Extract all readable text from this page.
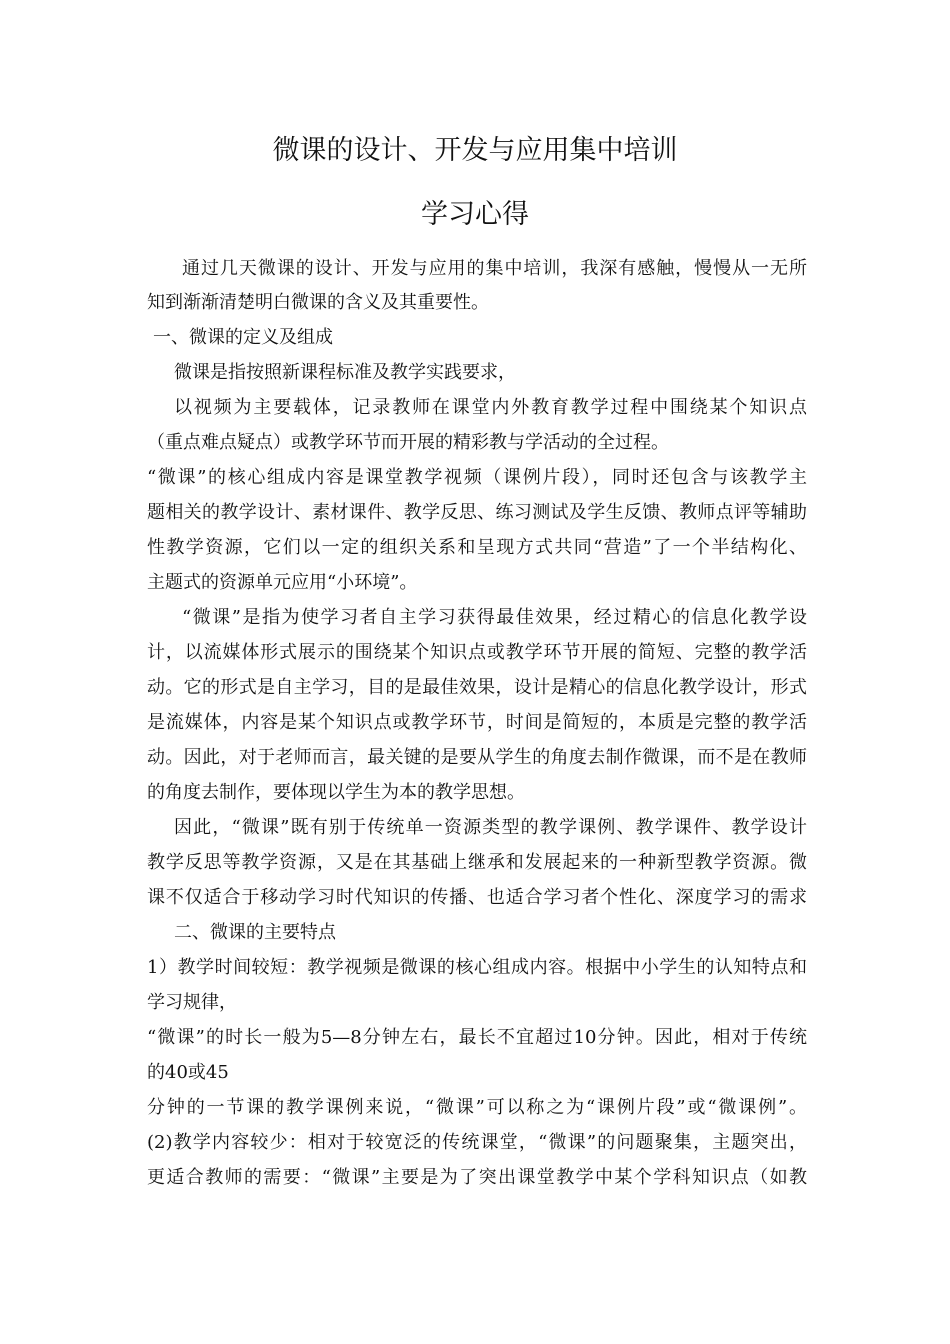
微课的设计、开发与应用集中培训
学习心得
通过几天微课的设计、开发与应用的集中培训，我深有感触，慢慢从一无所
知到渐渐清楚明白微课的含义及其重要性。
一、微课的定义及组成
微课是指按照新课程标准及教学实践要求，
以视频为主要载体，记录教师在课堂内外教育教学过程中围绕某个知识点
（重点难点疑点）或教学环节而开展的精彩教与学活动的全过程。
“微课”的核心组成内容是课堂教学视频（课例片段），同时还包含与该教学主
题相关的教学设计、素材课件、教学反思、练习测试及学生反馈、教师点评等辅助
性教学资源，它们以一定的组织关系和呈现方式共同“营造”了一个半结构化、
主题式的资源单元应用“小环境”。
“微课”是指为使学习者自主学习获得最佳效果，经过精心的信息化教学设
计，以流媒体形式展示的围绕某个知识点或教学环节开展的简短、完整的教学活
动。它的形式是自主学习，目的是最佳效果，设计是精心的信息化教学设计，形式
是流媒体，内容是某个知识点或教学环节，时间是简短的，本质是完整的教学活
动。因此，对于老师而言，最关键的是要从学生的角度去制作微课，而不是在教师
的角度去制作，要体现以学生为本的教学思想。
因此，“微课”既有别于传统单一资源类型的教学课例、教学课件、教学设计
教学反思等教学资源，又是在其基础上继承和发展起来的一种新型教学资源。微
课不仅适合于移动学习时代知识的传播、也适合学习者个性化、深度学习的需求
二、微课的主要特点
1）教学时间较短：教学视频是微课的核心组成内容。根据中小学生的认知特点和
学习规律，
“微课”的时长一般为5—8分钟左右，最长不宜超过10分钟。因此，相对于传统
的40或45
分钟的一节课的教学课例来说，“微课”可以称之为“课例片段”或“微课例”。
(2)教学内容较少：相对于较宽泛的传统课堂，“微课”的问题聚集，主题突出，
更适合教师的需要：“微课”主要是为了突出课堂教学中某个学科知识点（如教
